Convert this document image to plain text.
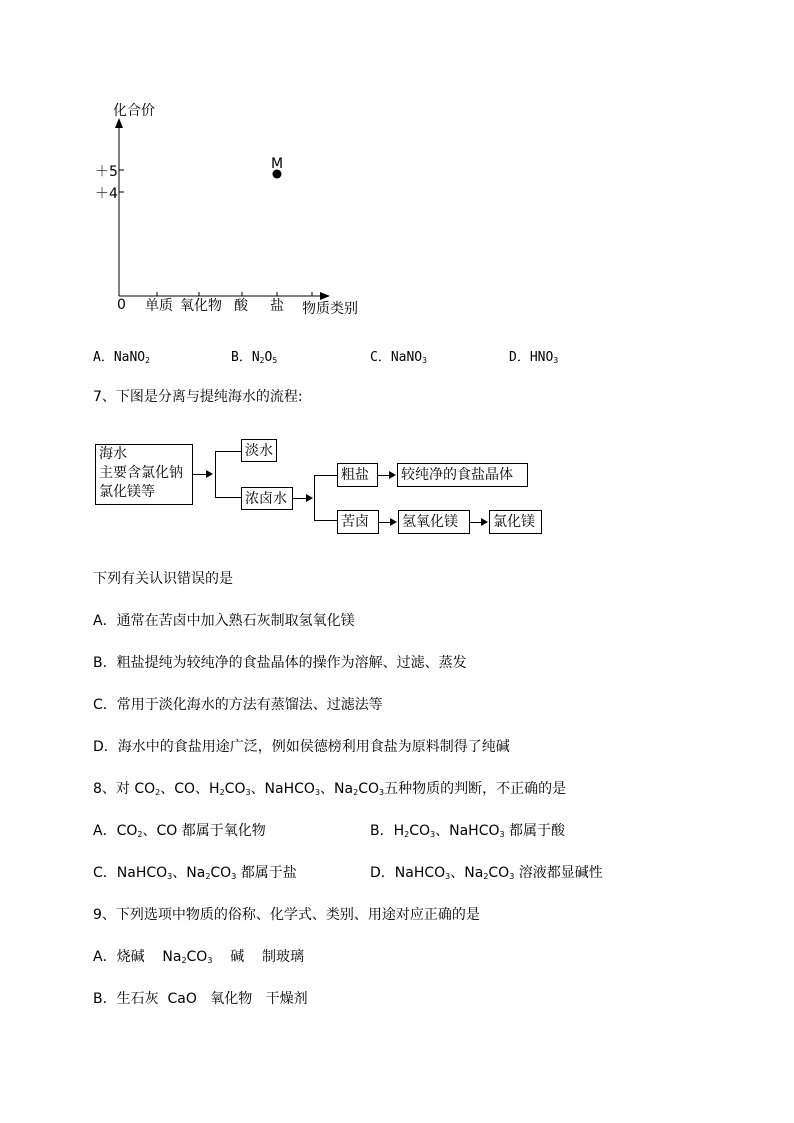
化合价
物质类别
0 单质 氧化物 酸 盐
＋5
＋4
M
A．NaNO$_2$	B．$N_2O_5$	C．NaNO$_3$	D．$HNO_3$
7、下图是分离与提纯海水的流程:
海水
主要含氯化钠
氯化镁等
淡水
浓卤水
粗盐	较纯净的食盐晶体
苦卤	氢氧化镁	氯化镁
下列有关认识错误的是
A．通常在苦卤中加入熟石灰制取氢氧化镁
B．粗盐提纯为较纯净的食盐晶体的操作为溶解、过滤、蒸发
C．常用于淡化海水的方法有蒸馏法、过滤法等
D．海水中的食盐用途广泛，例如侯德榜利用食盐为原料制得了纯碱
8、对 $CO_2$、CO、$H_2CO_3$、NaHCO$_3$、$Na_2CO_3$五种物质的判断，不正确的是
A．$CO_2$、CO 都属于氧化物	B．$H_2CO_3$、NaHCO$_3$ 都属于酸
C．NaHCO$_3$、$Na_2CO_3$ 都属于盐	D．NaHCO$_3$、$Na_2CO_3$ 溶液都显碱性
9、下列选项中物质的俗称、化学式、类别、用途对应正确的是
A．烧碱    $Na_2CO_3$ 碱 制玻璃
B．生石灰 CaO 氧化物 干燥剂
